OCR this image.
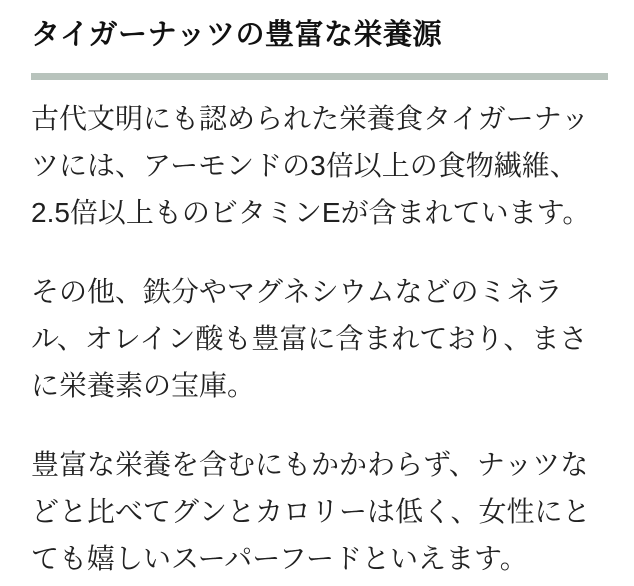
タイガーナッツの豊富な栄養源

古代文明にも認められた栄養食タイガーナッツには、アーモンドの3倍以上の食物繊維、2.5倍以上ものビタミンEが含まれています。

その他、鉄分やマグネシウムなどのミネラル、オレイン酸も豊富に含まれており、まさに栄養素の宝庫。

豊富な栄養を含むにもかかわらず、ナッツなどと比べてグンとカロリーは低く、女性にとても嬉しいスーパーフードといえます。
